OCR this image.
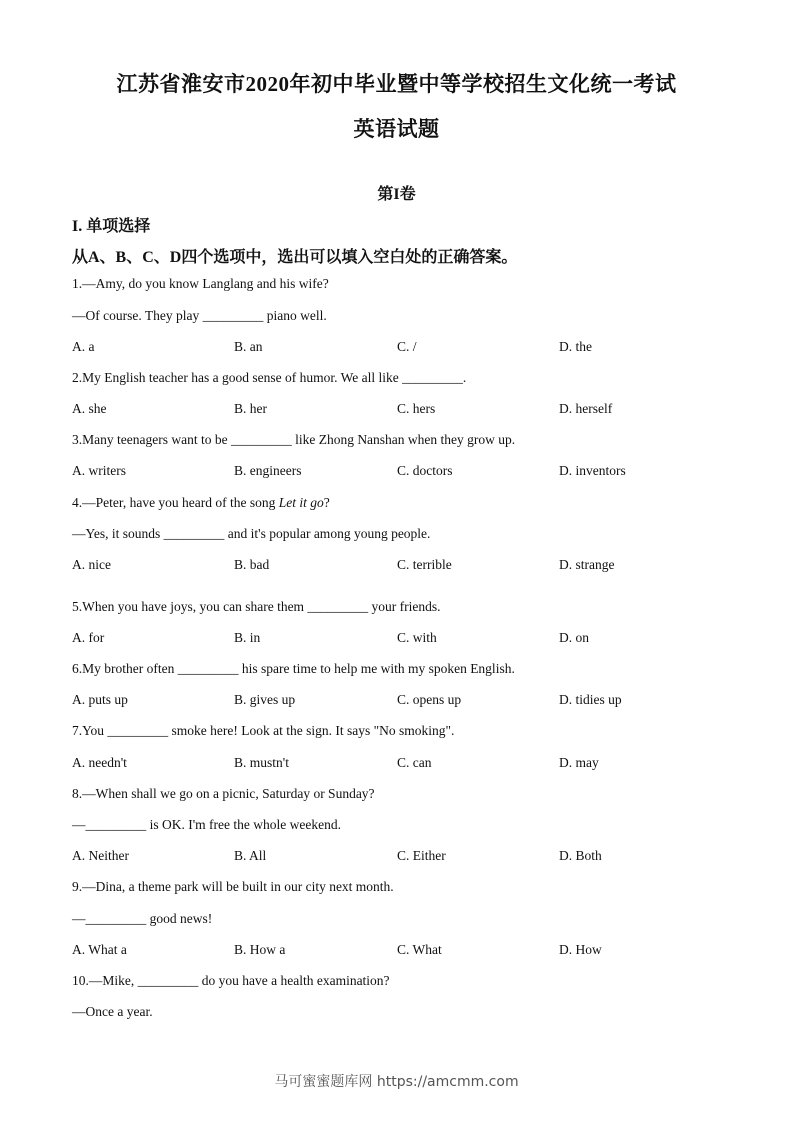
江苏省淮安市2020年初中毕业暨中等学校招生文化统一考试
英语试题
第I卷
I. 单项选择
从A、B、C、D四个选项中，选出可以填入空白处的正确答案。
1.—Amy, do you know Langlang and his wife?
—Of course. They play _________ piano well.
A. a	B. an	C. /	D. the
2.My English teacher has a good sense of humor. We all like _________.
A. she	B. her	C. hers	D. herself
3.Many teenagers want to be _________ like Zhong Nanshan when they grow up.
A. writers	B. engineers	C. doctors	D. inventors
4.—Peter, have you heard of the song Let it go?
—Yes, it sounds _________ and it's popular among young people.
A. nice	B. bad	C. terrible	D. strange
5.When you have joys, you can share them _________ your friends.
A. for	B. in	C. with	D. on
6.My brother often _________ his spare time to help me with my spoken English.
A. puts up	B. gives up	C. opens up	D. tidies up
7.You _________ smoke here! Look at the sign. It says "No smoking".
A. needn't	B. mustn't	C. can	D. may
8.—When shall we go on a picnic, Saturday or Sunday?
—_________ is OK. I'm free the whole weekend.
A. Neither	B. All	C. Either	D. Both
9.—Dina, a theme park will be built in our city next month.
—_________ good news!
A. What a	B. How a	C. What	D. How
10.—Mike, _________ do you have a health examination?
—Once a year.
马可蜜蜜题库网 https://amcmm.com
